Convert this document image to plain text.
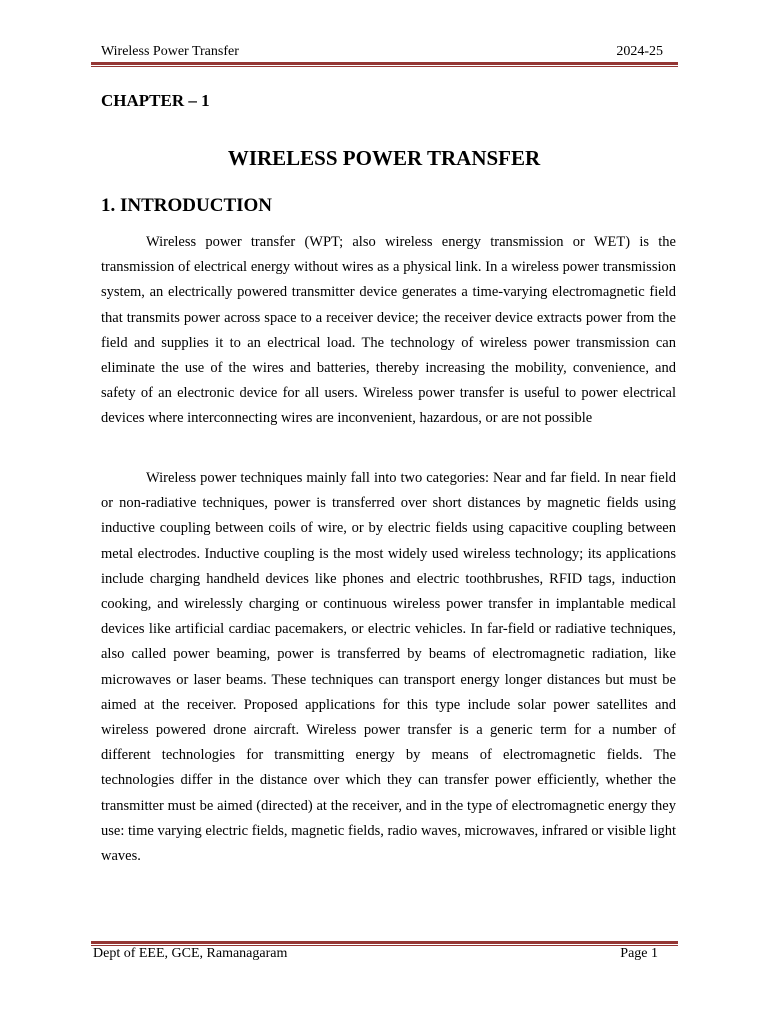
Wireless Power Transfer	2024-25
CHAPTER – 1
WIRELESS POWER TRANSFER
1. INTRODUCTION

Wireless power transfer (WPT; also wireless energy transmission or WET) is the transmission of electrical energy without wires as a physical link. In a wireless power transmission system, an electrically powered transmitter device generates a time-varying electromagnetic field that transmits power across space to a receiver device; the receiver device extracts power from the field and supplies it to an electrical load. The technology of wireless power transmission can eliminate the use of the wires and batteries, thereby increasing the mobility, convenience, and safety of an electronic device for all users. Wireless power transfer is useful to power electrical devices where interconnecting wires are inconvenient, hazardous, or are not possible

Wireless power techniques mainly fall into two categories: Near and far field. In near field or non-radiative techniques, power is transferred over short distances by magnetic fields using inductive coupling between coils of wire, or by electric fields using capacitive coupling between metal electrodes. Inductive coupling is the most widely used wireless technology; its applications include charging handheld devices like phones and electric toothbrushes, RFID tags, induction cooking, and wirelessly charging or continuous wireless power transfer in implantable medical devices like artificial cardiac pacemakers, or electric vehicles. In far-field or radiative techniques, also called power beaming, power is transferred by beams of electromagnetic radiation, like microwaves or laser beams. These techniques can transport energy longer distances but must be aimed at the receiver. Proposed applications for this type include solar power satellites and wireless powered drone aircraft. Wireless power transfer is a generic term for a number of different technologies for transmitting energy by means of electromagnetic fields. The technologies differ in the distance over which they can transfer power efficiently, whether the transmitter must be aimed (directed) at the receiver, and in the type of electromagnetic energy they use: time varying electric fields, magnetic fields, radio waves, microwaves, infrared or visible light waves.

Dept of EEE, GCE, Ramanagaram	Page 1
